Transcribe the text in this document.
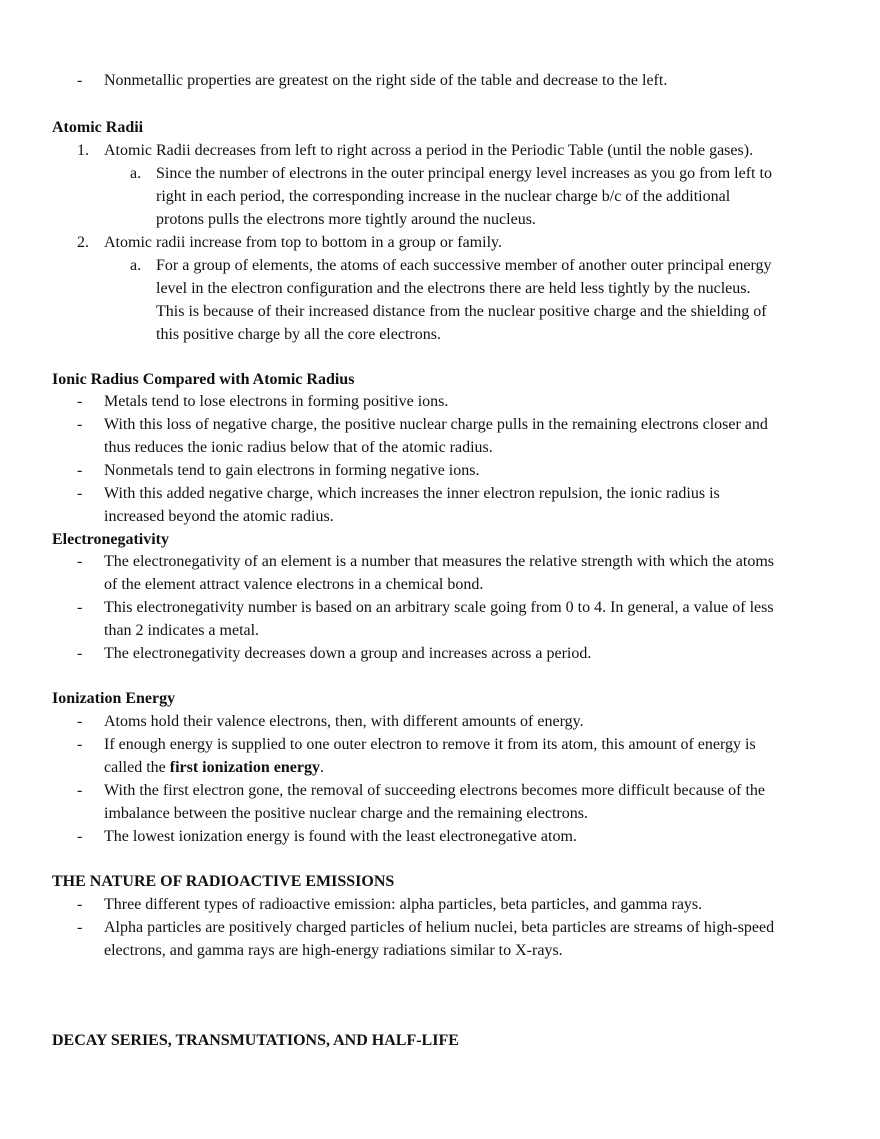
- Nonmetallic properties are greatest on the right side of the table and decrease to the left.
Atomic Radii
1. Atomic Radii decreases from left to right across a period in the Periodic Table (until the noble gases).
a. Since the number of electrons in the outer principal energy level increases as you go from left to
right in each period, the corresponding increase in the nuclear charge b/c of the additional
protons pulls the electrons more tightly around the nucleus.
2. Atomic radii increase from top to bottom in a group or family.
a. For a group of elements, the atoms of each successive member of another outer principal energy
level in the electron configuration and the electrons there are held less tightly by the nucleus.
This is because of their increased distance from the nuclear positive charge and the shielding of
this positive charge by all the core electrons.
Ionic Radius Compared with Atomic Radius
- Metals tend to lose electrons in forming positive ions.
- With this loss of negative charge, the positive nuclear charge pulls in the remaining electrons closer and
thus reduces the ionic radius below that of the atomic radius.
- Nonmetals tend to gain electrons in forming negative ions.
- With this added negative charge, which increases the inner electron repulsion, the ionic radius is
increased beyond the atomic radius.
Electronegativity
- The electronegativity of an element is a number that measures the relative strength with which the atoms
of the element attract valence electrons in a chemical bond.
- This electronegativity number is based on an arbitrary scale going from 0 to 4. In general, a value of less
than 2 indicates a metal.
- The electronegativity decreases down a group and increases across a period.
Ionization Energy
- Atoms hold their valence electrons, then, with different amounts of energy.
- If enough energy is supplied to one outer electron to remove it from its atom, this amount of energy is
called the first ionization energy.
- With the first electron gone, the removal of succeeding electrons becomes more difficult because of the
imbalance between the positive nuclear charge and the remaining electrons.
- The lowest ionization energy is found with the least electronegative atom.
THE NATURE OF RADIOACTIVE EMISSIONS
- Three different types of radioactive emission: alpha particles, beta particles, and gamma rays.
- Alpha particles are positively charged particles of helium nuclei, beta particles are streams of high-speed
electrons, and gamma rays are high-energy radiations similar to X-rays.
DECAY SERIES, TRANSMUTATIONS, AND HALF-LIFE
